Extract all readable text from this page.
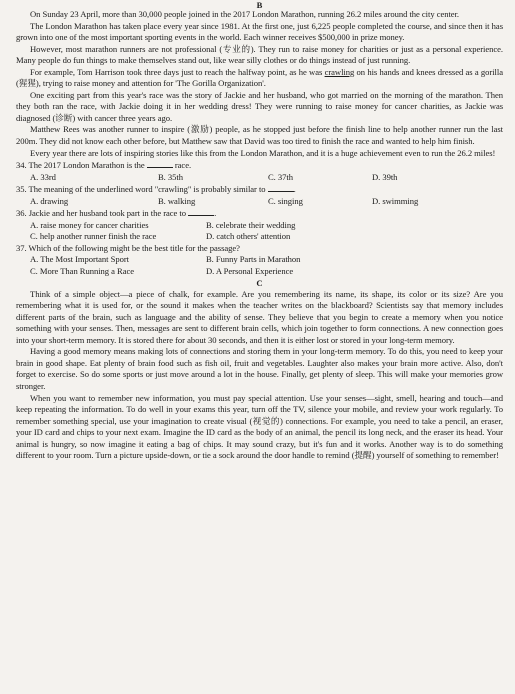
B

On Sunday 23 April, more than 30,000 people joined in the 2017 London Marathon, running 26.2 miles around the city center.

The London Marathon has taken place every year since 1981. At the first one, just 6,225 people completed the course, and since then it has grown into one of the most important sporting events in the world. Each winner receives $500,000 in prize money.

However, most marathon runners are not professional (专业的). They run to raise money for charities or just as a personal experience. Many people do fun things to make themselves stand out, like wear silly clothes or do things instead of just running.

For example, Tom Harrison took three days just to reach the halfway point, as he was crawling on his hands and knees dressed as a gorilla (猩猩), trying to raise money and attention for 'The Gorilla Organization'.

One exciting part from this year's race was the story of Jackie and her husband, who got married on the morning of the marathon. Then they both ran the race, with Jackie doing it in her wedding dress! They were running to raise money for cancer charities, as Jackie was diagnosed (诊断) with cancer three years ago.

Matthew Rees was another runner to inspire (激励) people, as he stopped just before the finish line to help another runner run the last 200m. They did not know each other before, but Matthew saw that David was too tired to finish the race and wanted to help him finish.

Every year there are lots of inspiring stories like this from the London Marathon, and it is a huge achievement even to run the 26.2 miles!

34. The 2017 London Marathon is the	race.

A. 33rd	B. 35th	C. 37th	D. 39th

35. The meaning of the underlined word "crawling" is probably similar to	.

A. drawing	B. walking	C. singing	D. swimming

36. Jackie and her husband took part in the race to	.

A. raise money for cancer charities	B. celebrate their wedding
C. help another runner finish the race	D. catch others' attention

37. Which of the following might be the best title for the passage?

A. The Most Important Sport	B. Funny Parts in Marathon
C. More Than Running a Race	D. A Personal Experience
C

Think of a simple object—a piece of chalk, for example. Are you remembering its name, its shape, its color or its size? Are you remembering what it is used for, or the sound it makes when the teacher writes on the blackboard? Scientists say that memory includes different parts of the brain, such as language and the ability of sense. They believe that you begin to create a memory when you notice something with your senses. Then, messages are sent to different brain cells, which join together to form connections. A new connection goes into your short-term memory. It is stored there for about 30 seconds, and then it is either lost or stored in your long-term memory.

Having a good memory means making lots of connections and storing them in your long-term memory. To do this, you need to keep your brain in good shape. Eat plenty of brain food such as fish oil, fruit and vegetables. Laughter also makes your brain more active. Also, don't forget to exercise. So do some sports or just move around a lot in the house. Finally, get plenty of sleep. This will make your memories grow stronger.

When you want to remember new information, you must pay special attention. Use your senses—sight, smell, hearing and touch—and keep repeating the information. To do well in your exams this year, turn off the TV, silence your mobile, and review your work regularly. To remember something special, use your imagination to create visual (视觉的) connections. For example, you need to take a pencil, an eraser, your ID card and chips to your next exam. Imagine the ID card as the body of an animal, the pencil its long neck, and the eraser its head. Your animal is hungry, so now imagine it eating a bag of chips. It may sound crazy, but it's fun and it works. Another way is to do something different to your room. Turn a picture upside-down, or tie a sock around the door handle to remind (提醒) yourself of something to remember!
